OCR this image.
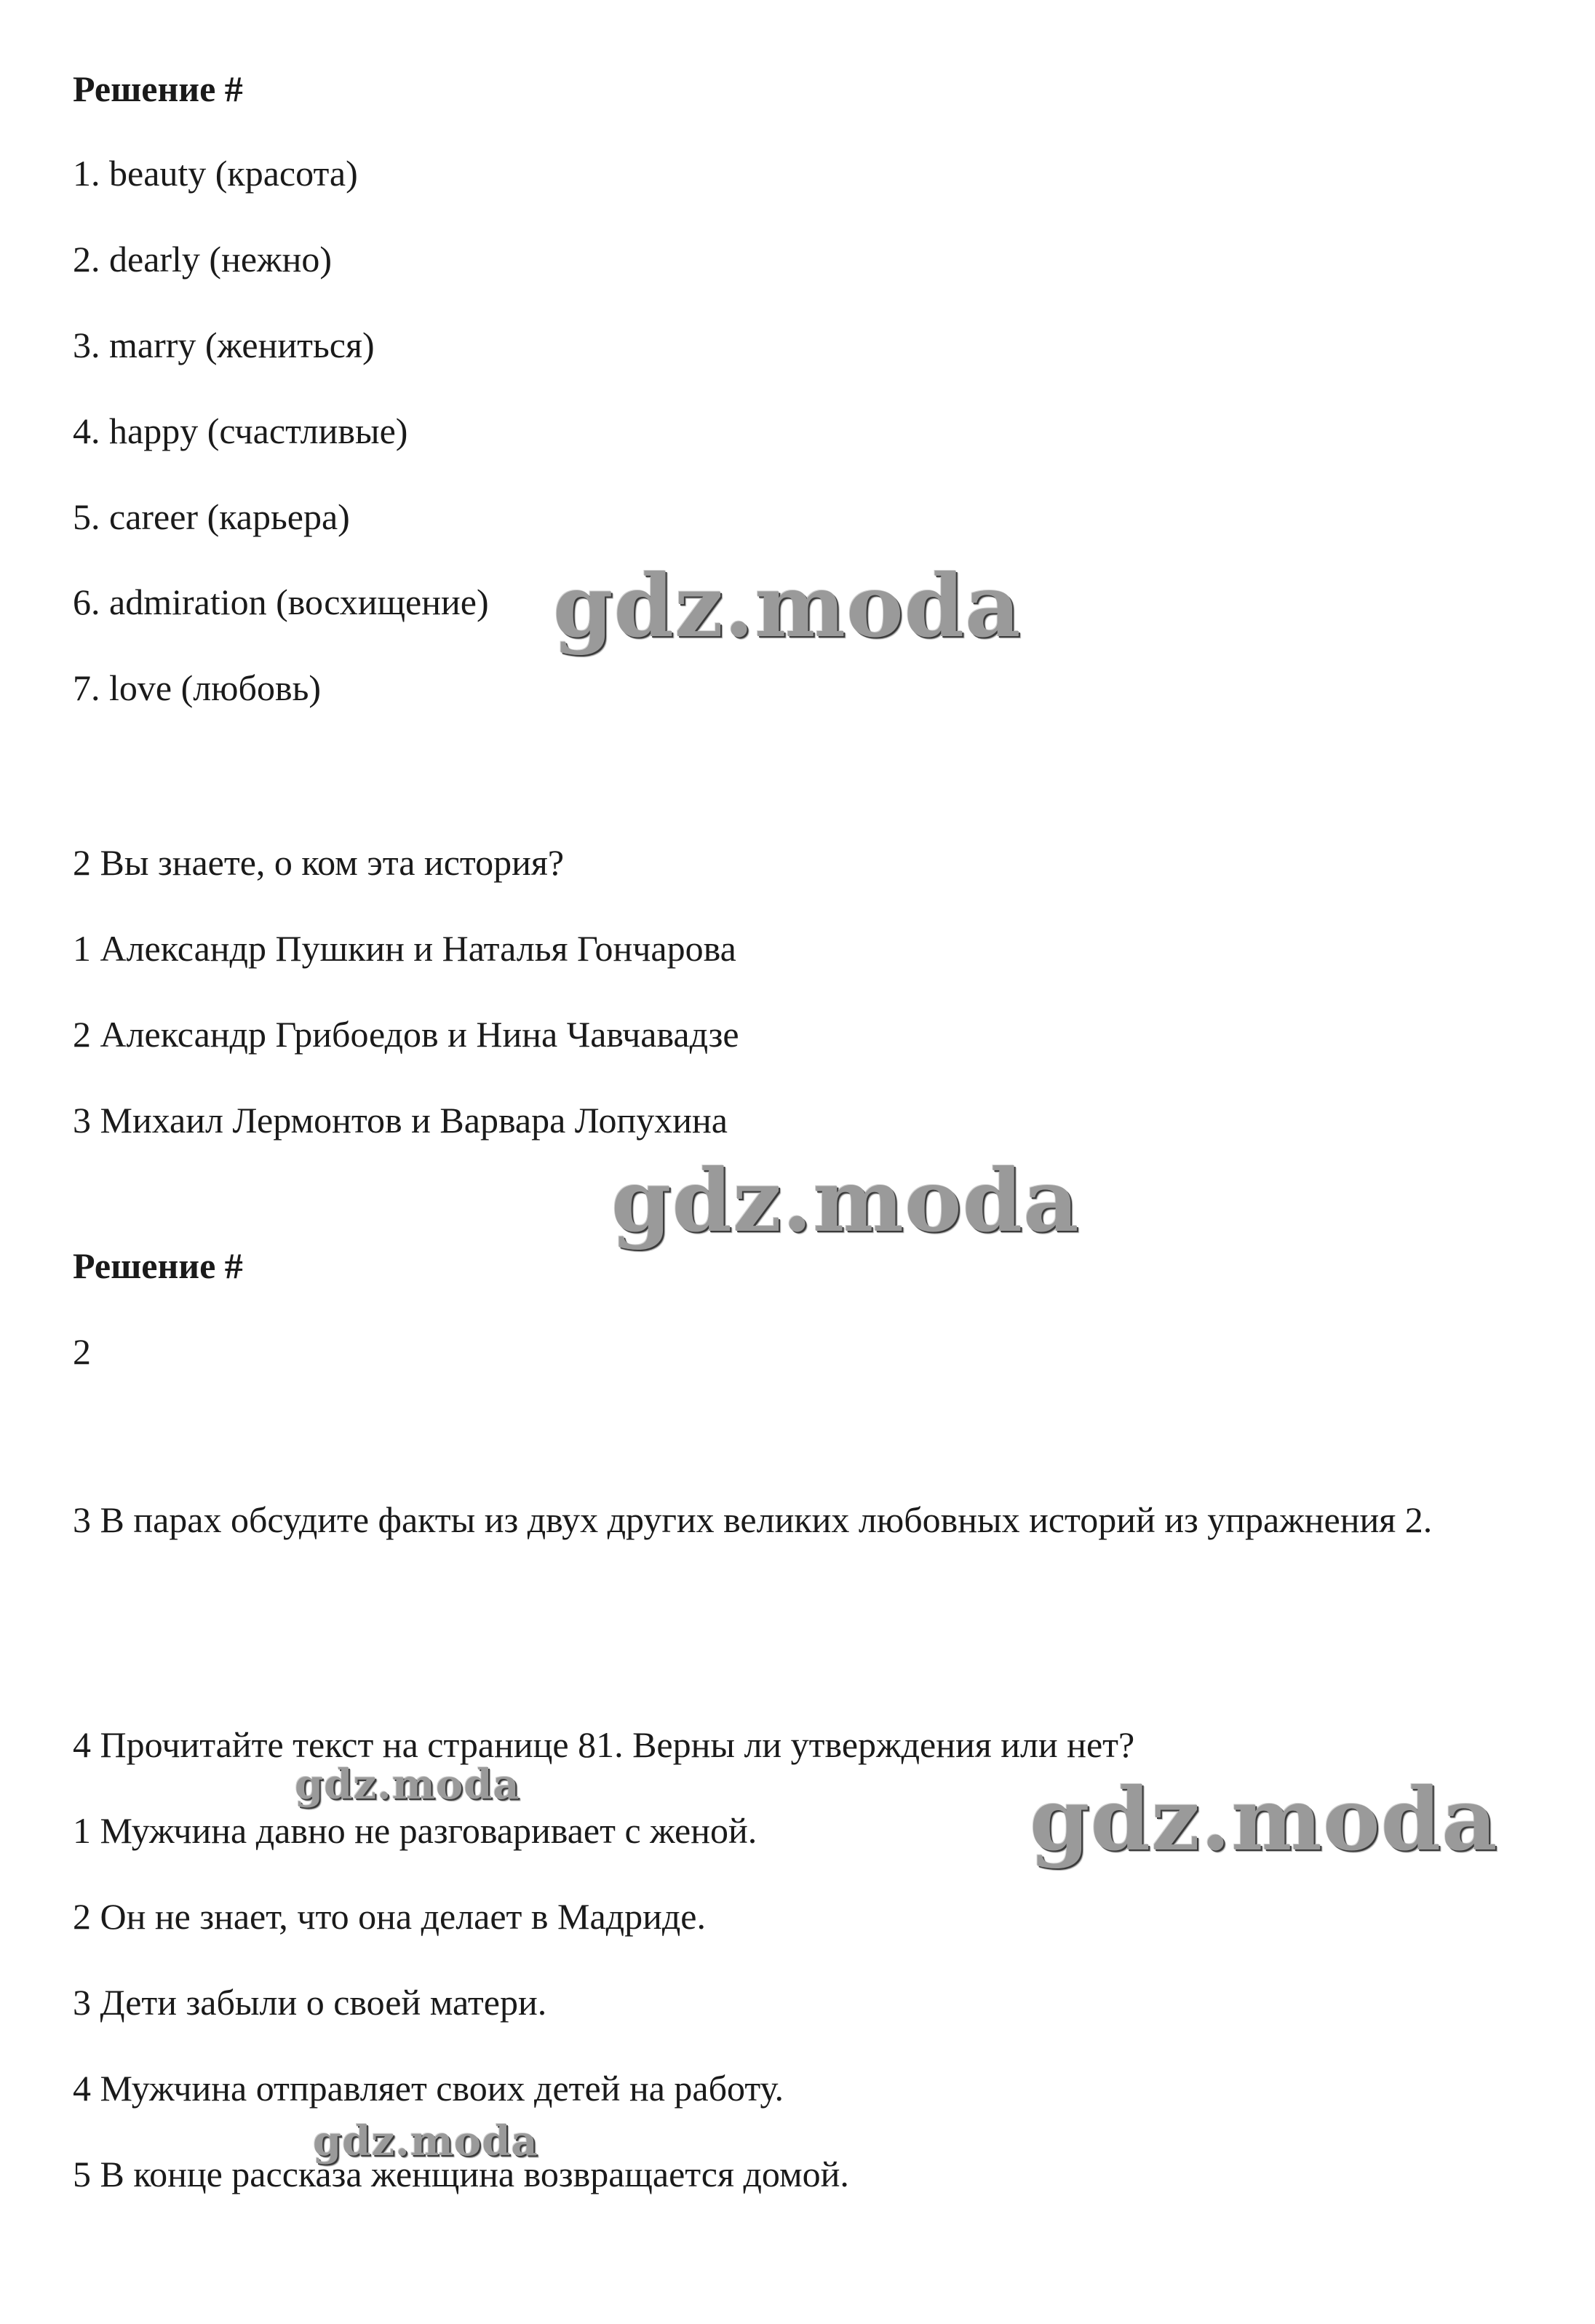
Решение #
1. beauty (красота)
2. dearly (нежно)
3. marry (жениться)
4. happy (счастливые)
5. career (карьера)
6. admiration (восхищение)
7. love (любовь)
2 Вы знаете, о ком эта история?
1 Александр Пушкин и Наталья Гончарова
2 Александр Грибоедов и Нина Чавчавадзе
3 Михаил Лермонтов и Варвара Лопухина
Решение #
2
3 В парах обсудите факты из двух других великих любовных историй из упражнения 2.
4 Прочитайте текст на странице 81. Верны ли утверждения или нет?
1 Мужчина давно не разговаривает с женой.
2 Он не знает, что она делает в Мадриде.
3 Дети забыли о своей матери.
4 Мужчина отправляет своих детей на работу.
5 В конце рассказа женщина возвращается домой.
gdz.moda
gdz.moda
gdz.moda
gdz.moda
gdz.moda
